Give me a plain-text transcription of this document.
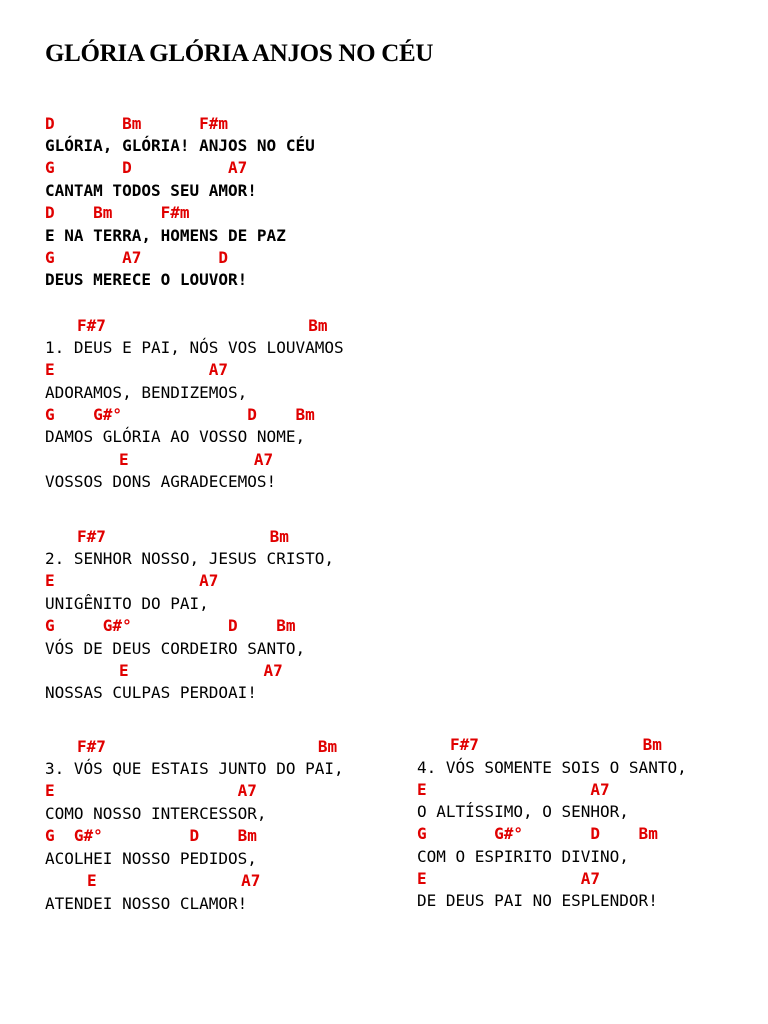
GLÓRIA GLÓRIA ANJOS NO CÉU
D       Bm      F#m
GLÓRIA, GLÓRIA! ANJOS NO CÉU
G       D          A7
CANTAM TODOS SEU AMOR!
D    Bm     F#m
E NA TERRA, HOMENS DE PAZ
G       A7        D
DEUS MERECE O LOUVOR!
F#7                     Bm
1. DEUS E PAI, NÓS VOS LOUVAMOS
E                A7
ADORAMOS, BENDIZEMOS,
G    G#°             D    Bm
DAMOS GLÓRIA AO VOSSO NOME,
E             A7
VOSSOS DONS AGRADECEMOS!
F#7                 Bm
2. SENHOR NOSSO, JESUS CRISTO,
E               A7
UNIGÊNITO DO PAI,
G     G#°          D    Bm
VÓS DE DEUS CORDEIRO SANTO,
E              A7
NOSSAS CULPAS PERDOAI!
F#7                      Bm
3. VÓS QUE ESTAIS JUNTO DO PAI,
E                   A7
COMO NOSSO INTERCESSOR,
G  G#°         D    Bm
ACOLHEI NOSSO PEDIDOS,
E               A7
ATENDEI NOSSO CLAMOR!
F#7                 Bm
4. VÓS SOMENTE SOIS O SANTO,
E                 A7
O ALTÍSSIMO, O SENHOR,
G       G#°       D    Bm
COM O ESPIRITO DIVINO,
E                A7
DE DEUS PAI NO ESPLENDOR!
